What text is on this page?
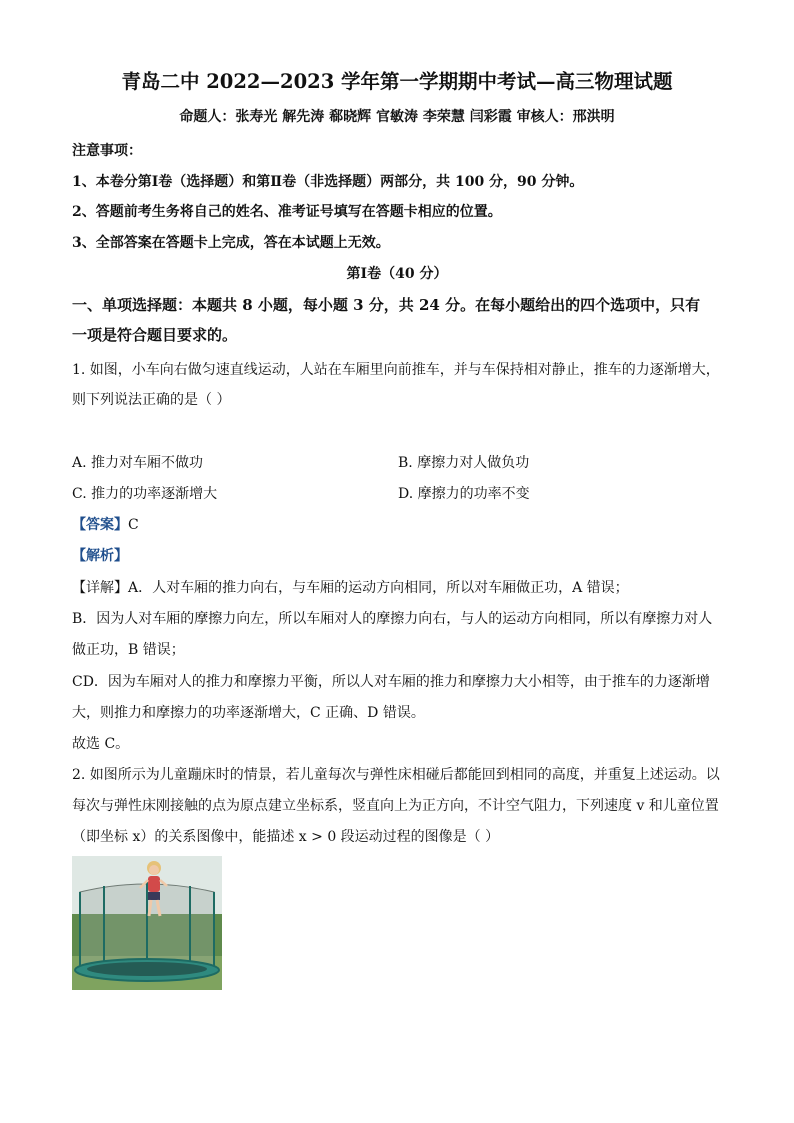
青岛二中 2022—2023 学年第一学期期中考试—高三物理试题
命题人：张寿光 解先涛 郗晓辉 官敏涛 李荣慧 闫彩霞 审核人：邢洪明
注意事项：
1、本卷分第Ⅰ卷（选择题）和第Ⅱ卷（非选择题）两部分，共 100 分，90 分钟。
2、答题前考生务将自己的姓名、准考证号填写在答题卡相应的位置。
3、全部答案在答题卡上完成，答在本试题上无效。
第Ⅰ卷（40 分）
一、单项选择题：本题共 8 小题，每小题 3 分，共 24 分。在每小题给出的四个选项中，只有
一项是符合题目要求的。
1. 如图，小车向右做匀速直线运动，人站在车厢里向前推车，并与车保持相对静止，推车的力逐渐增大，
则下列说法正确的是（ ）
A. 推力对车厢不做功	B. 摩擦力对人做负功
C. 推力的功率逐渐增大	D. 摩擦力的功率不变
【答案】C
【解析】
【详解】A．人对车厢的推力向右，与车厢的运动方向相同，所以对车厢做正功，A 错误；
B．因为人对车厢的摩擦力向左，所以车厢对人的摩擦力向右，与人的运动方向相同，所以有摩擦力对人
做正功，B 错误；
CD．因为车厢对人的推力和摩擦力平衡，所以人对车厢的推力和摩擦力大小相等，由于推车的力逐渐增
大，则推力和摩擦力的功率逐渐增大，C 正确、D 错误。
故选 C。
2. 如图所示为儿童蹦床时的情景，若儿童每次与弹性床相碰后都能回到相同的高度，并重复上述运动。以
每次与弹性床刚接触的点为原点建立坐标系，竖直向上为正方向，不计空气阻力，下列速度 v 和儿童位置
（即坐标 x）的关系图像中，能描述 x > 0 段运动过程的图像是（ ）
